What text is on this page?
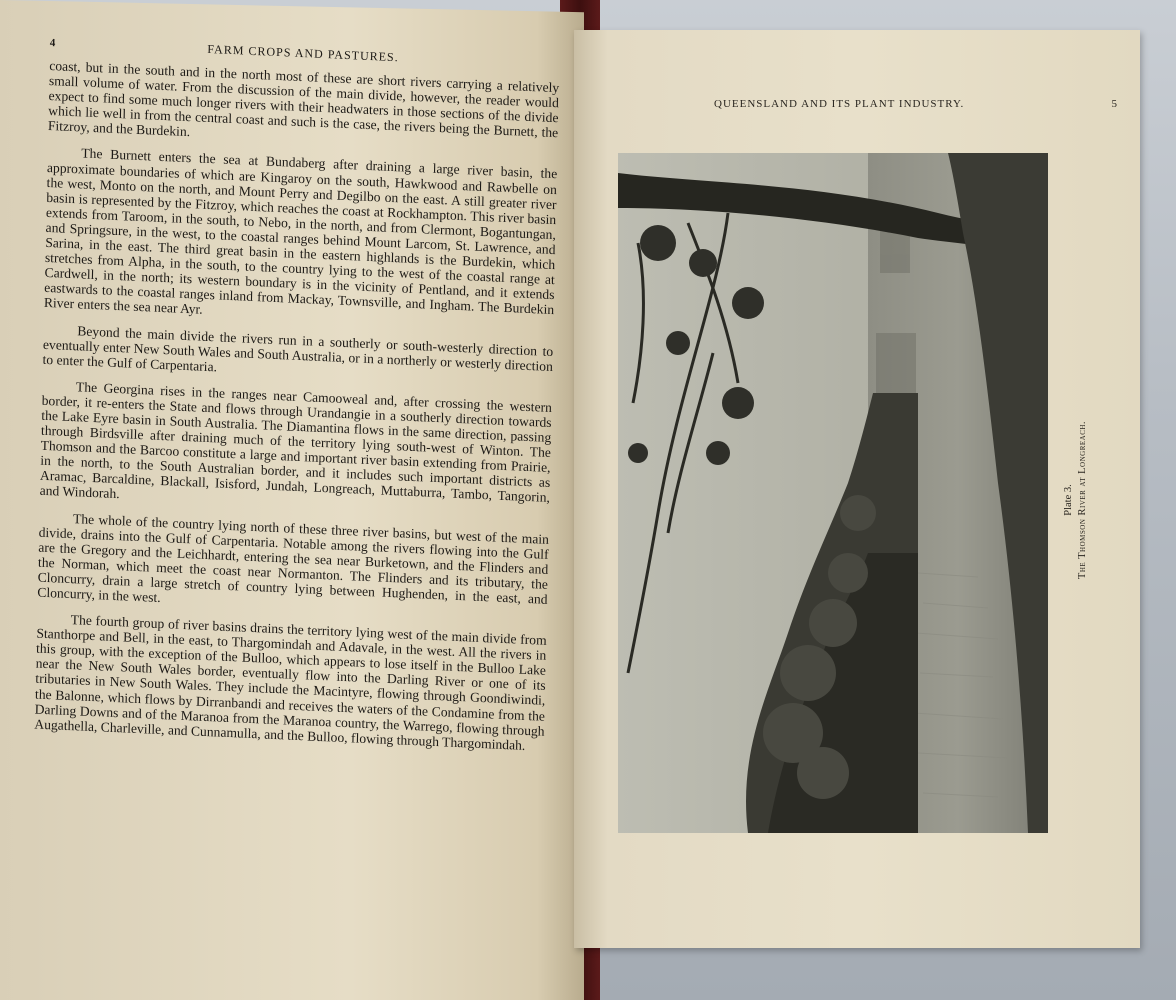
4	FARM CROPS AND PASTURES.

coast, but in the south and in the north most of these are short rivers carrying a relatively small volume of water. From the discussion of the main divide, however, the reader would expect to find some much longer rivers with their headwaters in those sections of the divide which lie well in from the central coast and such is the case, the rivers being the Burnett, the Fitzroy, and the Burdekin.

The Burnett enters the sea at Bundaberg after draining a large river basin, the approximate boundaries of which are Kingaroy on the south, Hawkwood and Rawbelle on the west, Monto on the north, and Mount Perry and Degilbo on the east. A still greater river basin is represented by the Fitzroy, which reaches the coast at Rockhampton. This river basin extends from Taroom, in the south, to Nebo, in the north, and from Clermont, Bogantungan, and Springsure, in the west, to the coastal ranges behind Mount Larcom, St. Lawrence, and Sarina, in the east. The third great basin in the eastern highlands is the Burdekin, which stretches from Alpha, in the south, to the country lying to the west of the coastal range at Cardwell, in the north; its western boundary is in the vicinity of Pentland, and it extends eastwards to the coastal ranges inland from Mackay, Townsville, and Ingham. The Burdekin River enters the sea near Ayr.

Beyond the main divide the rivers run in a southerly or south-westerly direction to eventually enter New South Wales and South Australia, or in a northerly or westerly direction to enter the Gulf of Carpentaria.

The Georgina rises in the ranges near Camooweal and, after crossing the western border, it re-enters the State and flows through Urandangie in a southerly direction towards the Lake Eyre basin in South Australia. The Diamantina flows in the same direction, passing through Birdsville after draining much of the territory lying south-west of Winton. The Thomson and the Barcoo constitute a large and important river basin extending from Prairie, in the north, to the South Australian border, and it includes such important districts as Aramac, Barcaldine, Blackall, Isisford, Jundah, Longreach, Muttaburra, Tambo, Tangorin, and Windorah.

The whole of the country lying north of these three river basins, but west of the main divide, drains into the Gulf of Carpentaria. Notable among the rivers flowing into the Gulf are the Gregory and the Leichhardt, entering the sea near Burketown, and the Flinders and the Norman, which meet the coast near Normanton. The Flinders and its tributary, the Cloncurry, drain a large stretch of country lying between Hughenden, in the east, and Cloncurry, in the west.

The fourth group of river basins drains the territory lying west of the main divide from Stanthorpe and Bell, in the east, to Thargomindah and Adavale, in the west. All the rivers in this group, with the exception of the Bulloo, which appears to lose itself in the Bulloo Lake near the New South Wales border, eventually flow into the Darling River or one of its tributaries in New South Wales. They include the Macintyre, flowing through Goondiwindi, the Balonne, which flows by Dirranbandi and receives the waters of the Condamine from the Darling Downs and of the Maranoa from the Maranoa country, the Warrego, flowing through Augathella, Charleville, and Cunnamulla, and the Bulloo, flowing through Thargomindah.

QUEENSLAND AND ITS PLANT INDUSTRY.	5
Plate 3. The Thomson River at Longreach.
